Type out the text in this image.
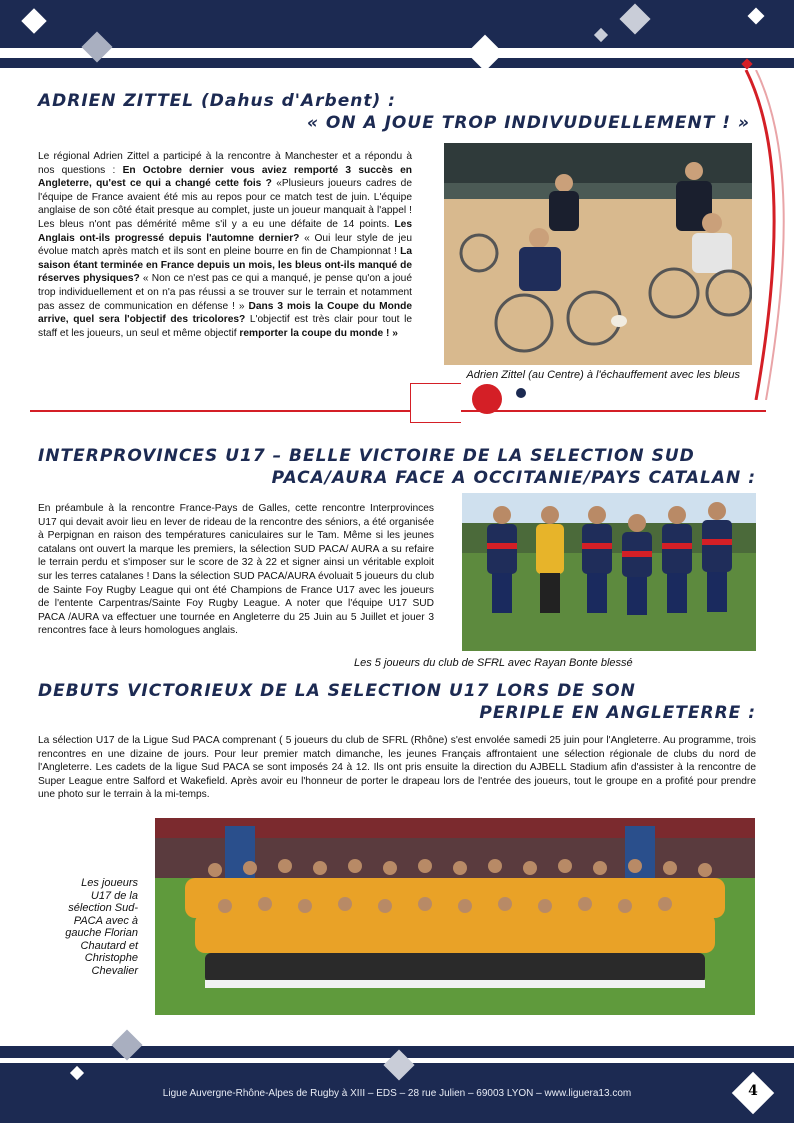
ADRIEN ZITTEL (Dahus d'Arbent) :

« ON A JOUE TROP INDIVUDUELLEMENT ! »

Le régional Adrien Zittel a participé à la rencontre à Manchester et a répondu à nos questions : En Octobre dernier vous aviez remporté 3 succès en Angleterre, qu'est ce qui a changé cette fois ? «Plusieurs joueurs cadres de l'équipe de France avaient été mis au repos pour ce match test de juin. L'équipe anglaise de son côté était presque au complet, juste un joueur manquait à l'appel ! Les bleus n'ont pas démérité même s'il y a eu une défaite de 14 points. Les Anglais ont-ils progressé depuis l'automne dernier? « Oui leur style de jeu évolue match après match et ils sont en pleine bourre en fin de Championnat ! La saison étant terminée en France depuis un mois, les bleus ont-ils manqué de réserves physiques? « Non ce n'est pas ce qui a manqué, je pense qu'on a joué trop individuellement et on n'a pas réussi a se trouver sur le terrain et notamment pas assez de communication en défense ! » Dans 3 mois la Coupe du Monde arrive, quel sera l'objectif des tricolores? L'objectif est très clair pour tout le staff et les joueurs, un seul et même objectif remporter la coupe du monde ! »

Adrien Zittel (au Centre) à l'échauffement avec les bleus

INTERPROVINCES U17 – BELLE VICTOIRE DE LA SELECTION SUD

PACA/AURA FACE A OCCITANIE/PAYS CATALAN :

En préambule à la rencontre France-Pays de Galles, cette rencontre Interprovinces U17 qui devait avoir lieu en lever de rideau de la rencontre des séniors, a été organisée à Perpignan en raison des températures caniculaires sur le Tam. Même si les jeunes catalans ont ouvert la marque les premiers, la sélection SUD PACA/ AURA a su refaire le terrain perdu et s'imposer sur le score de 32 à 22 et signer ainsi un véritable exploit sur les terres catalanes ! Dans la sélection SUD PACA/AURA évoluait 5 joueurs du club de Sainte Foy Rugby League qui ont été Champions de France U17 avec les joueurs de l'entente Carpentras/Sainte Foy Rugby League. A noter que l'équipe U17 SUD PACA /AURA va effectuer une tournée en Angleterre du 25 Juin au 5 Juillet et jouer 3 rencontres face à leurs homologues anglais.

Les 5 joueurs du club de SFRL avec Rayan Bonte blessé

DEBUTS VICTORIEUX DE LA SELECTION U17 LORS DE SON

PERIPLE EN ANGLETERRE :

La sélection U17 de la Ligue Sud PACA comprenant ( 5 joueurs du club de SFRL (Rhône) s'est envolée samedi 25 juin pour l'Angleterre. Au programme, trois rencontres en une dizaine de jours. Pour leur premier match dimanche, les jeunes Français affrontaient une sélection régionale de clubs du nord de l'Angleterre. Les cadets de la ligue Sud PACA se sont imposés 24 à 12. Ils ont pris ensuite la direction du AJBELL Stadium afin d'assister à la rencontre de Super League entre Salford et Wakefield. Après avoir eu l'honneur de porter le drapeau lors de l'entrée des joueurs, tout le groupe en a profité pour prendre une photo sur le terrain à la mi-temps.

Les joueurs U17 de la sélection Sud-PACA avec à gauche Florian Chautard et Christophe Chevalier
Ligue Auvergne-Rhône-Alpes de Rugby à XIII – EDS – 28 rue Julien – 69003 LYON – www.liguera13.com	4
